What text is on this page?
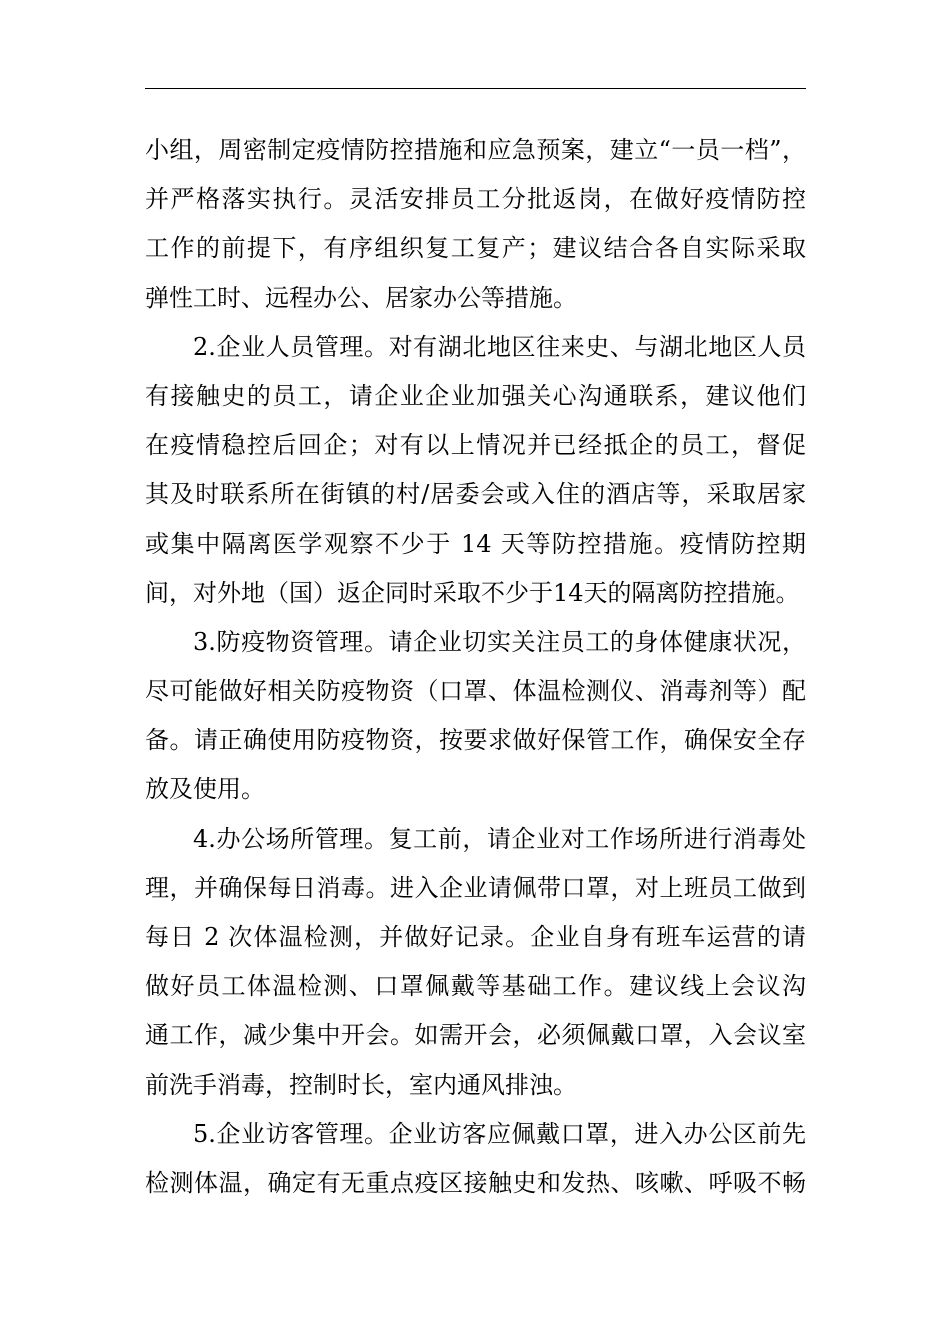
小组，周密制定疫情防控措施和应急预案，建立“一员一档”，
并严格落实执行。灵活安排员工分批返岗，在做好疫情防控
工作的前提下，有序组织复工复产；建议结合各自实际采取
弹性工时、远程办公、居家办公等措施。
2.企业人员管理。对有湖北地区往来史、与湖北地区人员
有接触史的员工，请企业企业加强关心沟通联系，建议他们
在疫情稳控后回企；对有以上情况并已经抵企的员工，督促
其及时联系所在街镇的村/居委会或入住的酒店等，采取居家
或集中隔离医学观察不少于 14 天等防控措施。疫情防控期
间，对外地（国）返企同时采取不少于14天的隔离防控措施。
3.防疫物资管理。请企业切实关注员工的身体健康状况，
尽可能做好相关防疫物资（口罩、体温检测仪、消毒剂等）配
备。请正确使用防疫物资，按要求做好保管工作，确保安全存
放及使用。
4.办公场所管理。复工前，请企业对工作场所进行消毒处
理，并确保每日消毒。进入企业请佩带口罩，对上班员工做到
每日 2 次体温检测，并做好记录。企业自身有班车运营的请
做好员工体温检测、口罩佩戴等基础工作。建议线上会议沟
通工作，减少集中开会。如需开会，必须佩戴口罩，入会议室
前洗手消毒，控制时长，室内通风排浊。
5.企业访客管理。企业访客应佩戴口罩，进入办公区前先
检测体温，确定有无重点疫区接触史和发热、咳嗽、呼吸不畅
